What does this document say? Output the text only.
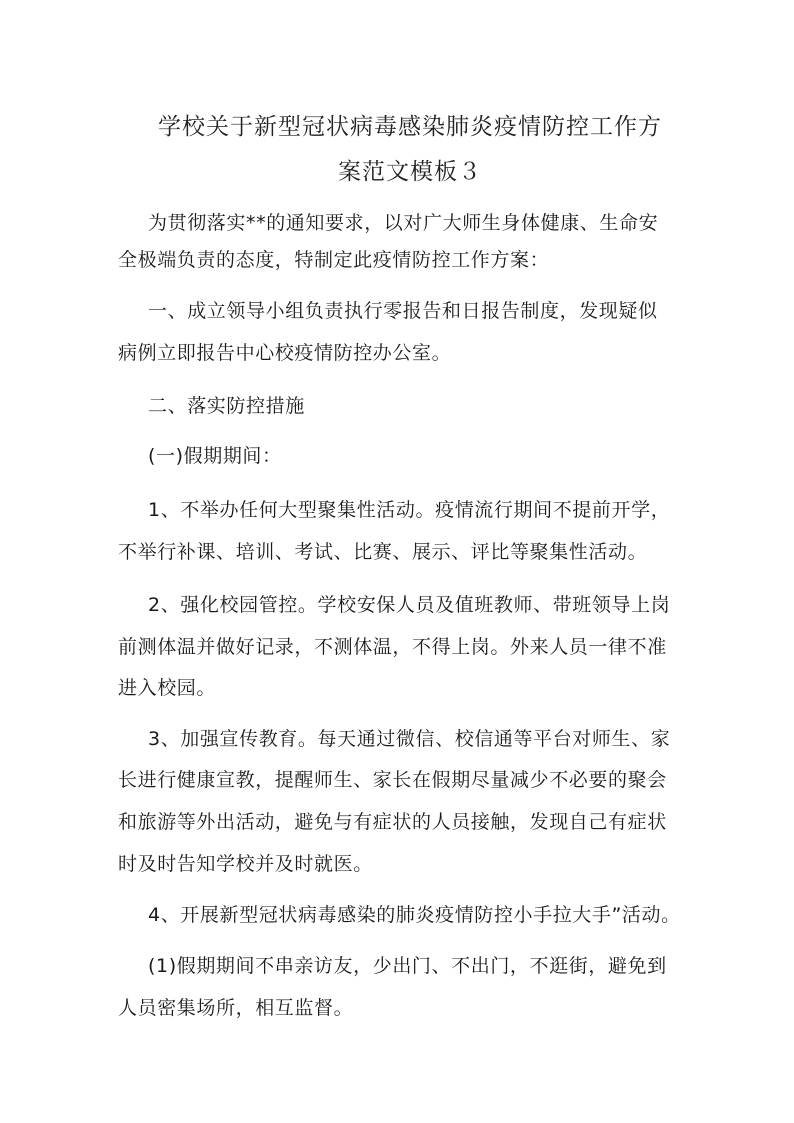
学校关于新型冠状病毒感染肺炎疫情防控工作方
案范文模板３
为贯彻落实**的通知要求，以对广大师生身体健康、生命安
全极端负责的态度，特制定此疫情防控工作方案：
一、成立领导小组负责执行零报告和日报告制度，发现疑似
病例立即报告中心校疫情防控办公室。
二、落实防控措施
(一)假期期间：
1、不举办任何大型聚集性活动。疫情流行期间不提前开学，
不举行补课、培训、考试、比赛、展示、评比等聚集性活动。
2、强化校园管控。学校安保人员及值班教师、带班领导上岗
前测体温并做好记录，不测体温，不得上岗。外来人员一律不准
进入校园。
3、加强宣传教育。每天通过微信、校信通等平台对师生、家
长进行健康宣教，提醒师生、家长在假期尽量减少不必要的聚会
和旅游等外出活动，避免与有症状的人员接触，发现自己有症状
时及时告知学校并及时就医。
4、开展新型冠状病毒感染的肺炎疫情防控小手拉大手”活动。
(1)假期期间不串亲访友，少出门、不出门，不逛街，避免到
人员密集场所，相互监督。
